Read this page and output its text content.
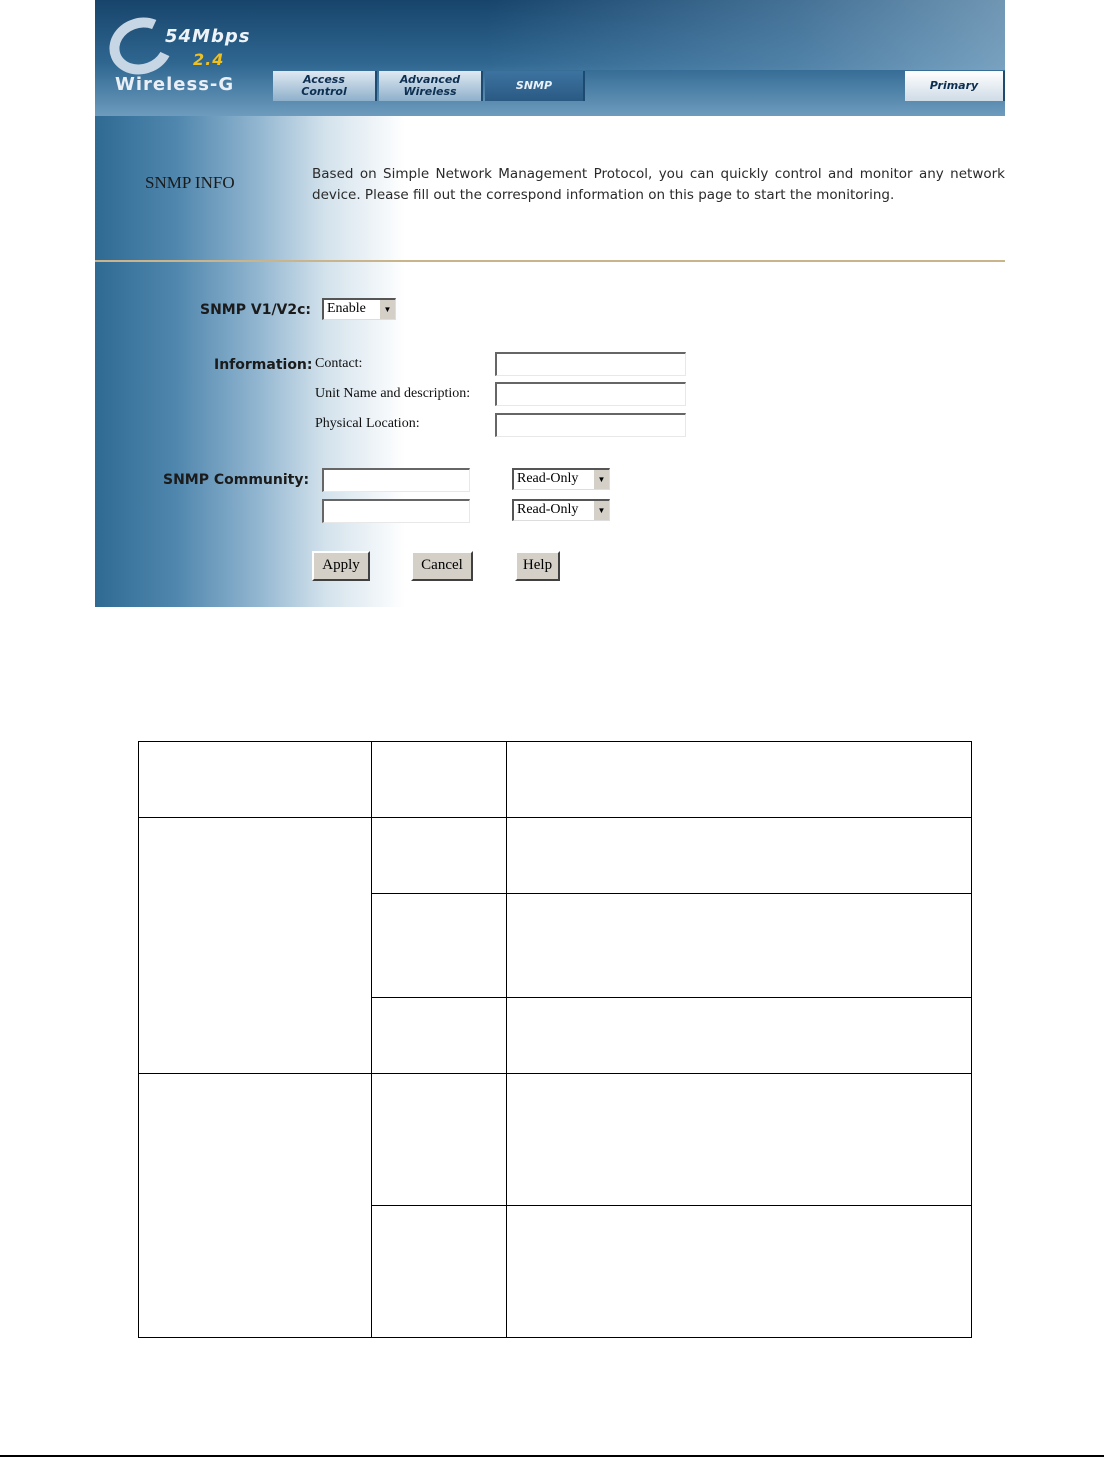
54Mbps
2.4
Wireless-G	Access
Control
Advanced
Wireless	SNMP	Primary
SNMP INFO	Based on Simple Network Management Protocol, you can quickly control and monitor any network device. Please fill out the correspond information on this page to start the monitoring.
SNMP V1/V2c:	Enable	▼
Information: Contact:
Unit Name and description:
Physical Location:
SNMP Community:	Read-Only	▼
Read-Only	▼
Apply	Cancel	Help
